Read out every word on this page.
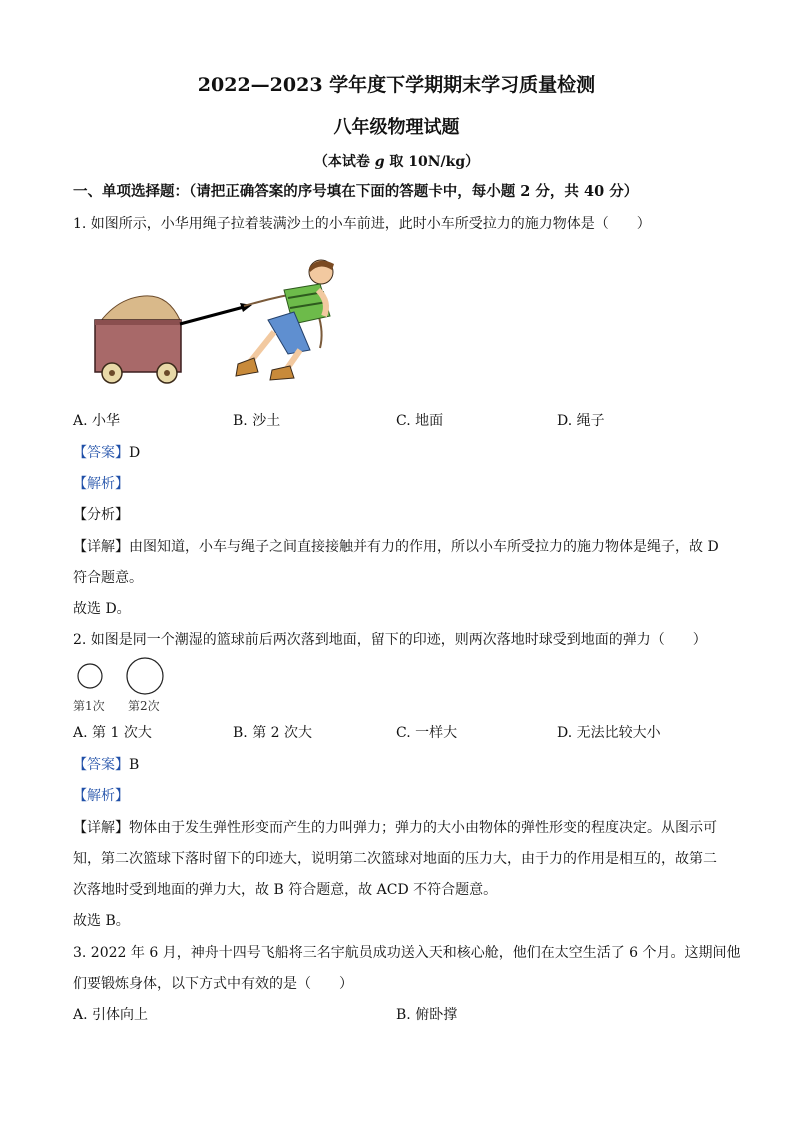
2022—2023 学年度下学期期末学习质量检测
八年级物理试题
（本试卷 g 取 10N/kg）
一、单项选择题：（请把正确答案的序号填在下面的答题卡中，每小题 2 分，共 40 分）
1. 如图所示，小华用绳子拉着装满沙土的小车前进，此时小车所受拉力的施力物体是（　　）
A. 小华	B. 沙土	C. 地面	D. 绳子
【答案】D
【解析】
【分析】
【详解】由图知道，小车与绳子之间直接接触并有力的作用，所以小车所受拉力的施力物体是绳子，故 D
符合题意。
故选 D。
2. 如图是同一个潮湿的篮球前后两次落到地面，留下的印迹，则两次落地时球受到地面的弹力（　　）
第1次 第2次
A. 第 1 次大	B. 第 2 次大	C. 一样大	D. 无法比较大小
【答案】B
【解析】
【详解】物体由于发生弹性形变而产生的力叫弹力；弹力的大小由物体的弹性形变的程度决定。从图示可
知，第二次篮球下落时留下的印迹大，说明第二次篮球对地面的压力大，由于力的作用是相互的，故第二
次落地时受到地面的弹力大，故 B 符合题意，故 ACD 不符合题意。
故选 B。
3. 2022 年 6 月，神舟十四号飞船将三名宇航员成功送入天和核心舱，他们在太空生活了 6 个月。这期间他
们要锻炼身体，以下方式中有效的是（　　）
A. 引体向上	B. 俯卧撑
